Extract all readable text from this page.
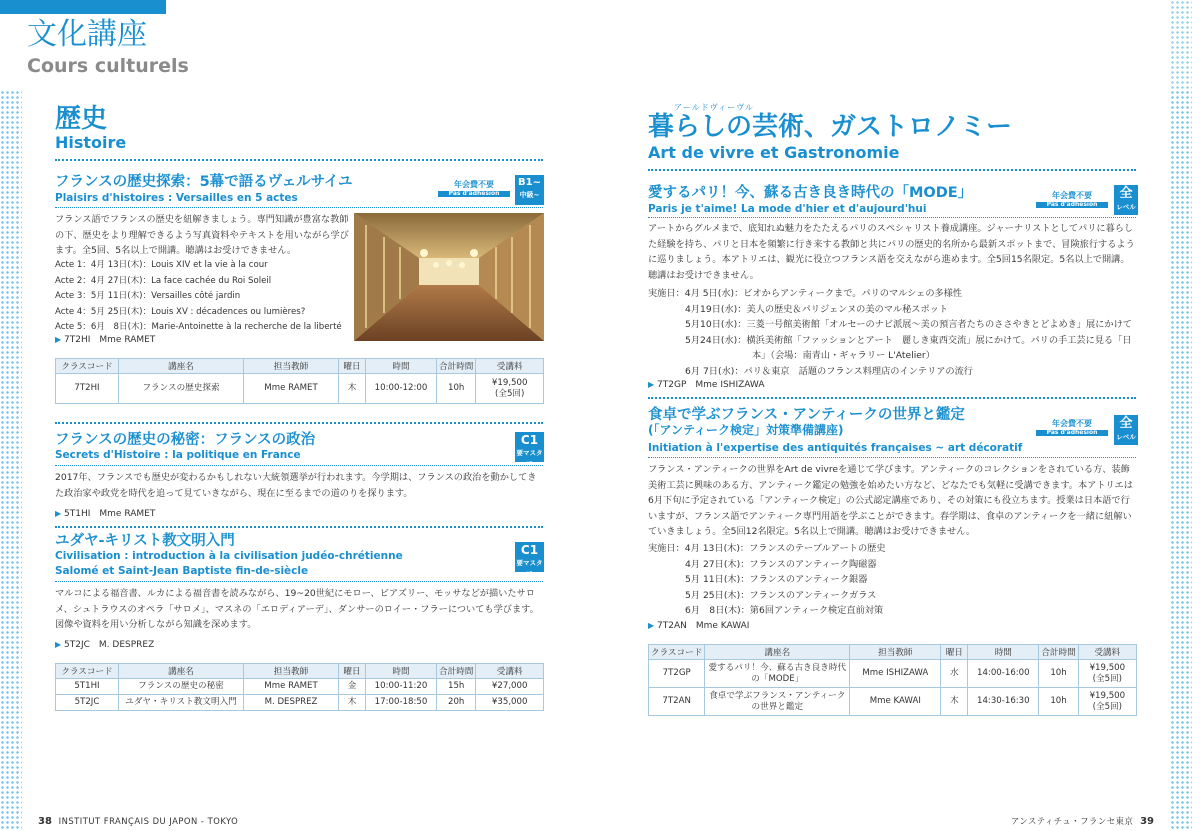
文化講座
Cours culturels
歴史
Histoire
フランスの歴史探索：5幕で語るヴェルサイユ
Plaisirs d'histoires : Versailles en 5 actes
年会費不要
Pas d'adhésion
B1~
中級~
フランス語でフランスの歴史を紐解きましょう。専門知識が豊富な教師の下、歴史をより理解できるよう写真資料やテキストを用いながら学びます。全5回、5名以上で開講。聴講はお受けできません。
Acte 1：4月 13日(木)：Louis XIV et la vie à la cour
Acte 2：4月 27日(木)：La face cachée du Roi Soleil
Acte 3：5月 11日(木)：Versailles côté jardin
Acte 4：5月 25日(木)：Louis XV : décadences ou lumières?
Acte 5：6月　8日(木)：Marie-Antoinette à la recherche de la liberté
▶ 7T2HI　Mme RAMET
クラスコード	講座名	担当教師	曜日	時間	合計時間	受講料
7T2HI	フランスの歴史探索	Mme RAMET	木	10:00-12:00	10h	¥19,500
(全5回)
フランスの歴史の秘密：フランスの政治
Secrets d'Histoire : la politique en France
C1
要マスター
2017年、フランスでも歴史が変わるかもしれない大統領選挙が行われます。今学期は、フランスの政治を動かしてきた政治家や政党を時代を追って見ていきながら、現在に至るまでの道のりを探ります。
▶ 5T1HI　Mme RAMET
ユダヤ-キリスト教文明入門
Civilisation : introduction à la civilisation judéo-chrétienne
Salomé et Saint-Jean Baptiste fin-de-siècle
C1
要マスター
マルコによる福音書、ルカによる福音書を読みながら、19~20世紀にモロー、ビアズリー、モッサなどが描いたサロメ、シュトラウスのオペラ「サロメ」、マスネの「エロディアーデ」、ダンサーのロイー・フラーについても学びます。図像や資料を用い分析しながら知識を深めます。
▶ 5T2JC　M. DESPREZ
クラスコード	講座名	担当教師	曜日	時間	合計時間	受講料
5T1HI	フランスの歴史の秘密	Mme RAMET	金	10:00-11:20	15h	¥27,000
5T2JC	ユダヤ・キリスト教文明入門	M. DESPREZ	木	17:00-18:50	20h	¥35,000
アールドヴィーヴル
暮らしの芸術、ガストロノミー
Art de vivre et Gastronomie
愛するパリ！今、蘇る古き良き時代の「MODE」
Paris je t'aime! La mode d'hier et d'aujourd'hui
年会費不要
Pas d'adhésion
全
レベル
アートからグルメまで、底知れぬ魅力をたたえるパリのスペシャリスト養成講座。ジャーナリストとしてパリに暮らした経験を持ち、パリと日本を頻繁に行き来する教師と共にパリの歴史的名所から最新スポットまで、冒険旅行するように巡りましょう。本アトリエは、観光に役立つフランス語を交えながら進めます。全5回15名限定。5名以上で開講。聴講はお受けできません。
実施日：4月 5日(水)：ビオからアンティークまで。パリのマルシェの多様性
4月19日(水)：美人の歴史＆パリジェンヌの美のマル秘スポット
5月10日(水)：三菱一号館美術館「オルセーのナビ派展～美の預言者たちのささやきとどよめき」展にかけて
5月24日(水)：横浜美術館「ファッションとアート　麗しき東西交流」展にかけて。パリの手工芸に見る「日
本」（会場：南青山・ギャラリー L'Atelier）
6月 7日(水)：パリ＆東京　話題のフランス料理店のインテリアの流行
▶ 7T2GP　Mme ISHIZAWA
食卓で学ぶフランス・アンティークの世界と鑑定
(「アンティーク検定」対策準備講座)
Initiation à l'expertise des antiquités françaises ~ art décoratif
年会費不要
Pas d'adhésion
全
レベル
フランス・アンティークの世界をArt de vivreを通じて学びます。アンティークのコレクションをされている方、装飾美術工芸に興味のある方、アンティーク鑑定の勉強を始めたい方など、どなたでも気軽に受講できます。本アトリエは6月下旬に予定されている「アンティーク検定」の公式認定講座であり、その対策にも役立ちます。授業は日本語で行いますが、フランス語でアンティーク専門用語を学ぶことができます。春学期は、食卓のアンティークを一緒に紐解いていきましょう。全5回12名限定。5名以上で開講。聴講はお受けできません。
実施日：4月 13日(木)：フランスのテーブルアートの歴史
4月 27日(木)：フランスのアンティーク陶磁器
5月 11日(木)：フランスのアンティーク銀器
5月 25日(木)：フランスのアンティークガラス
6月　8日(木)：第6回アンティーク検定直前対策
▶ 7T2AN　Mme KAWAI
クラスコード	講座名	担当教師	曜日	時間	合計時間	受講料
7T2GP	愛するパリ！今、蘇る古き良き時代の「MODE」	Mme ISHIZAWA	水	14:00-16:00	10h	¥19,500
(全5回)

7T2AN	食卓で学ぶフランス・アンティークの世界と鑑定	Mme KAWAI	木	14:30-16:30	10h	¥19,500
(全5回)
38 INSTITUT FRANÇAIS DU JAPON - TOKYO	アンスティチュ・フランセ東京 39
